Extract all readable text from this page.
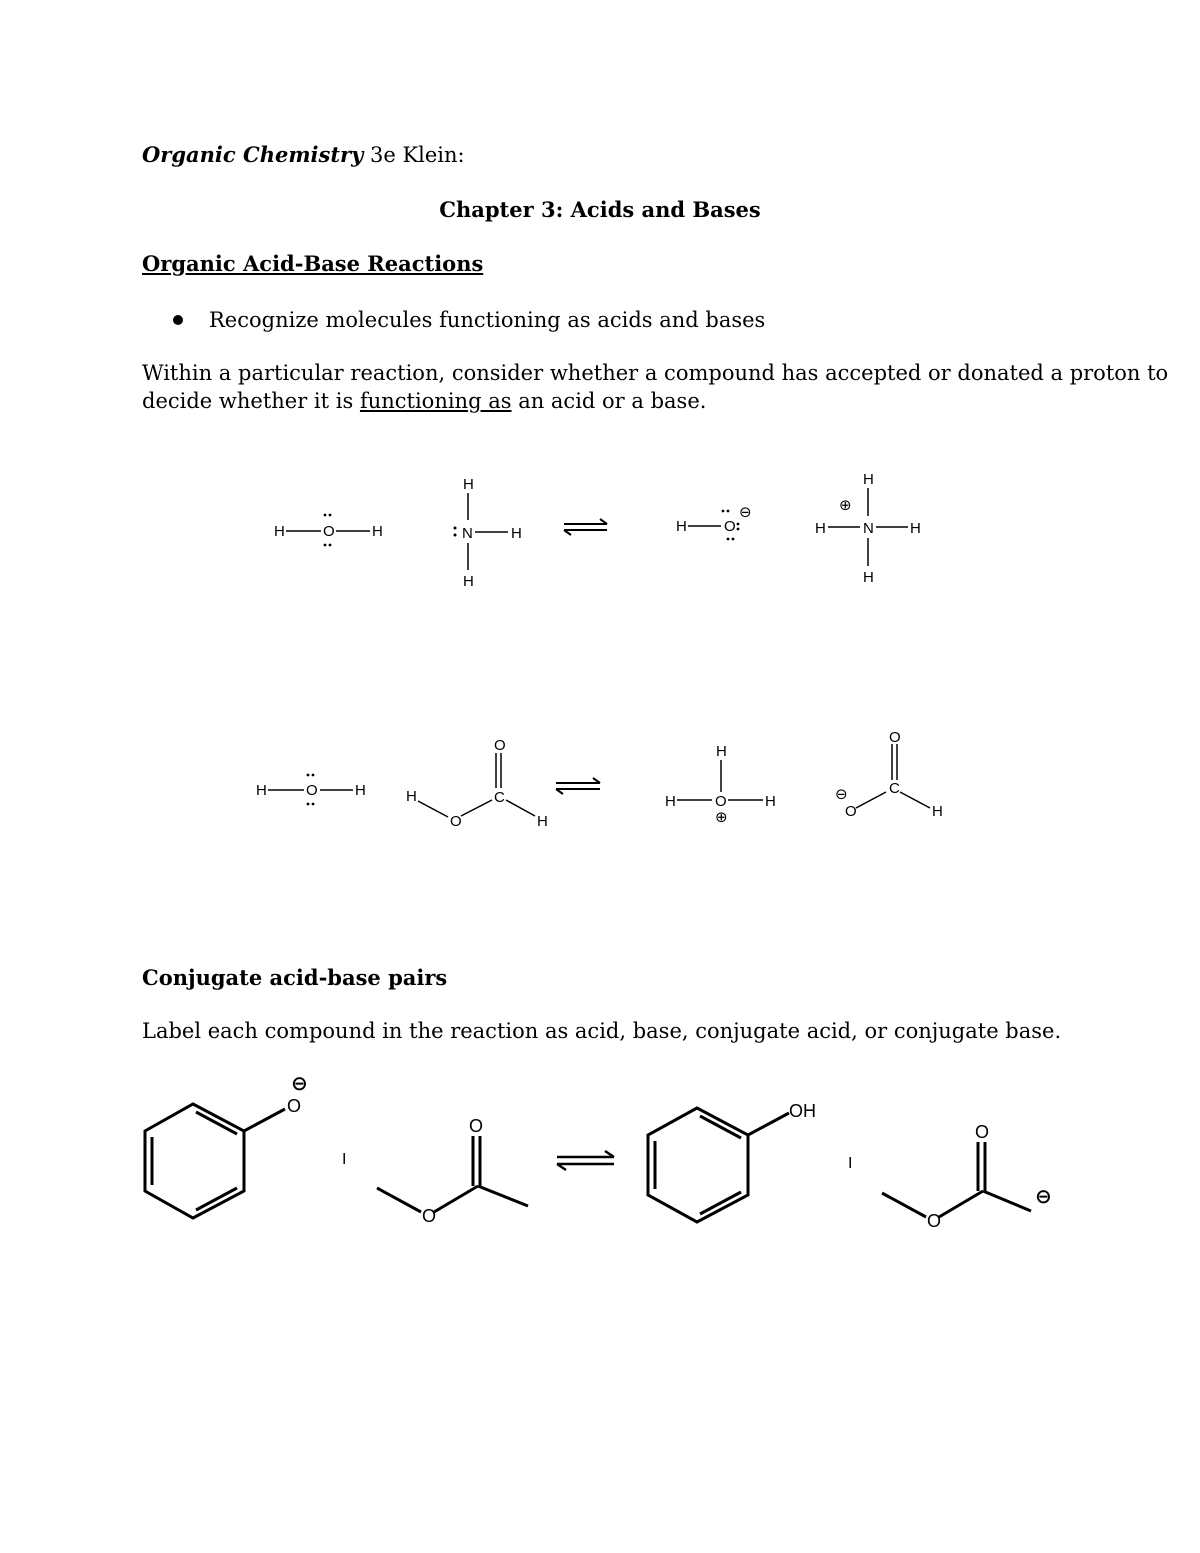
Organic Chemistry 3e Klein:
Chapter 3: Acids and Bases
Organic Acid-Base Reactions
Recognize molecules functioning as acids and bases
Within a particular reaction, consider whether a compound has accepted or donated a proton to
decide whether it is functioning as an acid or a base.
Conjugate acid-base pairs
Label each compound in the reaction as acid, base, conjugate acid, or conjugate base.
H	O H
H
N	H
H
H O
⊖
H
⊕
H N H
H
H	O H
O
C
H
O	H
H
H	O	H
⊕
O
C
⊖
O	H
O
⊖
I
O
O
OH
I
O
O
⊖
